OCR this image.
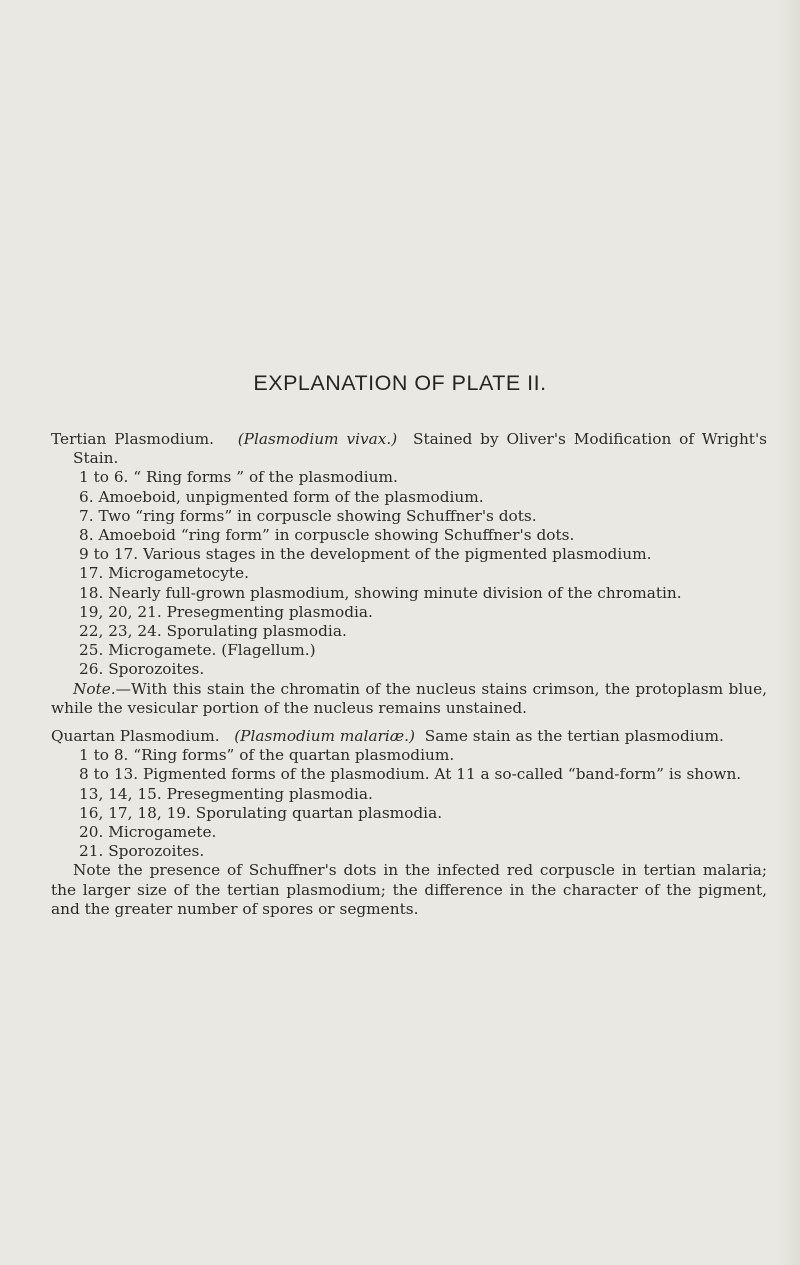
EXPLANATION OF PLATE II.
Tertian Plasmodium. (Plasmodium vivax.) Stained by Oliver's Modification of Wright's Stain.
1 to 6. “ Ring forms ” of the plasmodium.
6. Amoeboid, unpigmented form of the plasmodium.
7. Two “ring forms” in corpuscle showing Schuffner's dots.
8. Amoeboid “ring form” in corpuscle showing Schuffner's dots.
9 to 17. Various stages in the development of the pigmented plasmodium.
17. Microgametocyte.
18. Nearly full-grown plasmodium, showing minute division of the chromatin.
19, 20, 21. Presegmenting plasmodia.
22, 23, 24. Sporulating plasmodia.
25. Microgamete. (Flagellum.)
26. Sporozoites.
Note.—With this stain the chromatin of the nucleus stains crimson, the protoplasm blue, while the vesicular portion of the nucleus remains unstained.
Quartan Plasmodium. (Plasmodium malariæ.) Same stain as the tertian plasmodium.
1 to 8. “Ring forms” of the quartan plasmodium.
8 to 13. Pigmented forms of the plasmodium. At 11 a so-called “band-form” is shown.
13, 14, 15. Presegmenting plasmodia.
16, 17, 18, 19. Sporulating quartan plasmodia.
20. Microgamete.
21. Sporozoites.
Note the presence of Schuffner's dots in the infected red corpuscle in tertian malaria; the larger size of the tertian plasmodium; the difference in the character of the pigment, and the greater number of spores or segments.
